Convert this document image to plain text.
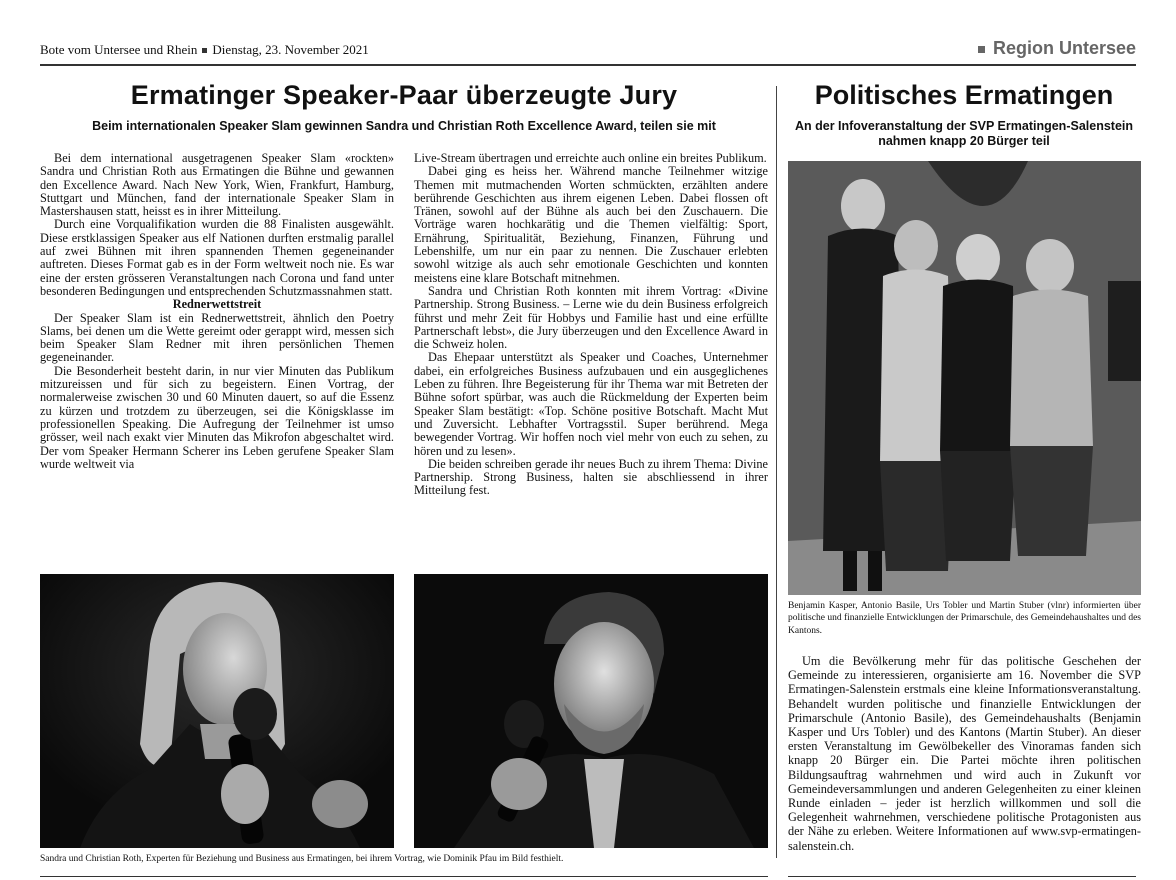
Bote vom Untersee und Rhein Dienstag, 23. November 2021	Region Untersee
Ermatinger Speaker-Paar überzeugte Jury
Beim internationalen Speaker Slam gewinnen Sandra und Christian Roth Excellence Award, teilen sie mit

Bei dem international ausgetragenen Speaker Slam «rockten» Sandra und Christian Roth aus Ermatingen die Bühne und gewannen den Excellence Award. Nach New York, Wien, Frankfurt, Hamburg, Stuttgart und München, fand der internationale Speaker Slam in Mastershausen statt, heisst es in ihrer Mitteilung.

Durch eine Vorqualifikation wurden die 88 Finalisten ausgewählt. Diese erstklassigen Speaker aus elf Nationen durften erstmalig parallel auf zwei Bühnen mit ihren spannenden Themen gegeneinander auftreten. Dieses Format gab es in der Form weltweit noch nie. Es war eine der ersten grösseren Veranstaltungen nach Corona und fand unter besonderen Bedingungen und entsprechenden Schutzmassnahmen statt.

Rednerwettstreit

Der Speaker Slam ist ein Rednerwettstreit, ähnlich den Poetry Slams, bei denen um die Wette gereimt oder gerappt wird, messen sich beim Speaker Slam Redner mit ihren persönlichen Themen gegeneinander.

Die Besonderheit besteht darin, in nur vier Minuten das Publikum mitzureissen und für sich zu begeistern. Einen Vortrag, der normalerweise zwischen 30 und 60 Minuten dauert, so auf die Essenz zu kürzen und trotzdem zu überzeugen, sei die Königsklasse im professionellen Speaking. Die Aufregung der Teilnehmer ist umso grösser, weil nach exakt vier Minuten das Mikrofon abgeschaltet wird. Der vom Speaker Hermann Scherer ins Leben gerufene Speaker Slam wurde weltweit via

Live-Stream übertragen und erreichte auch online ein breites Publikum.

Dabei ging es heiss her. Während manche Teilnehmer witzige Themen mit mutmachenden Worten schmückten, erzählten andere berührende Geschichten aus ihrem eigenen Leben. Dabei flossen oft Tränen, sowohl auf der Bühne als auch bei den Zuschauern. Die Vorträge waren hochkarätig und die Themen vielfältig: Sport, Ernährung, Spiritualität, Beziehung, Finanzen, Führung und Lebenshilfe, um nur ein paar zu nennen. Die Zuschauer erlebten sowohl witzige als auch sehr emotionale Geschichten und konnten meistens eine klare Botschaft mitnehmen.

Sandra und Christian Roth konnten mit ihrem Vortrag: «Divine Partnership. Strong Business. – Lerne wie du dein Business erfolgreich führst und mehr Zeit für Hobbys und Familie hast und eine erfüllte Partnerschaft lebst», die Jury überzeugen und den Excellence Award in die Schweiz holen.

Das Ehepaar unterstützt als Speaker und Coaches, Unternehmer dabei, ein erfolgreiches Business aufzubauen und ein ausgeglichenes Leben zu führen. Ihre Begeisterung für ihr Thema war mit Betreten der Bühne sofort spürbar, was auch die Rückmeldung der Experten beim Speaker Slam bestätigt: «Top. Schöne positive Botschaft. Macht Mut und Zuversicht. Lebhafter Vortragsstil. Super berührend. Mega bewegender Vortrag. Wir hoffen noch viel mehr von euch zu sehen, zu hören und zu lesen».

Die beiden schreiben gerade ihr neues Buch zu ihrem Thema: Divine Partnership. Strong Business, halten sie abschliessend in ihrer Mitteilung fest.

Sandra und Christian Roth, Experten für Beziehung und Business aus Ermatingen, bei ihrem Vortrag, wie Dominik Pfau im Bild festhielt.
Politisches Ermatingen
An der Infoveranstaltung der SVP Ermatingen-Salenstein nahmen knapp 20 Bürger teil
Benjamin Kasper, Antonio Basile, Urs Tobler und Martin Stuber (vlnr) informierten über politische und finanzielle Entwicklungen der Primarschule, des Gemeindehaushaltes und des Kantons.

Um die Bevölkerung mehr für das politische Geschehen der Gemeinde zu interessieren, organisierte am 16. November die SVP Ermatingen-Salenstein erstmals eine kleine Informationsveranstaltung. Behandelt wurden politische und finanzielle Entwicklungen der Primarschule (Antonio Basile), des Gemeindehaushalts (Benjamin Kasper und Urs Tobler) und des Kantons (Martin Stuber). An dieser ersten Veranstaltung im Gewölbekeller des Vinoramas fanden sich knapp 20 Bürger ein. Die Partei möchte ihren politischen Bildungsauftrag wahrnehmen und wird auch in Zukunft vor Gemeindeversammlungen und anderen Gelegenheiten zu einer kleinen Runde einladen – jeder ist herzlich willkommen und soll die Gelegenheit wahrnehmen, verschiedene politische Protagonisten aus der Nähe zu erleben. Weitere Informationen auf www.svp-ermatingen-salenstein.ch.
